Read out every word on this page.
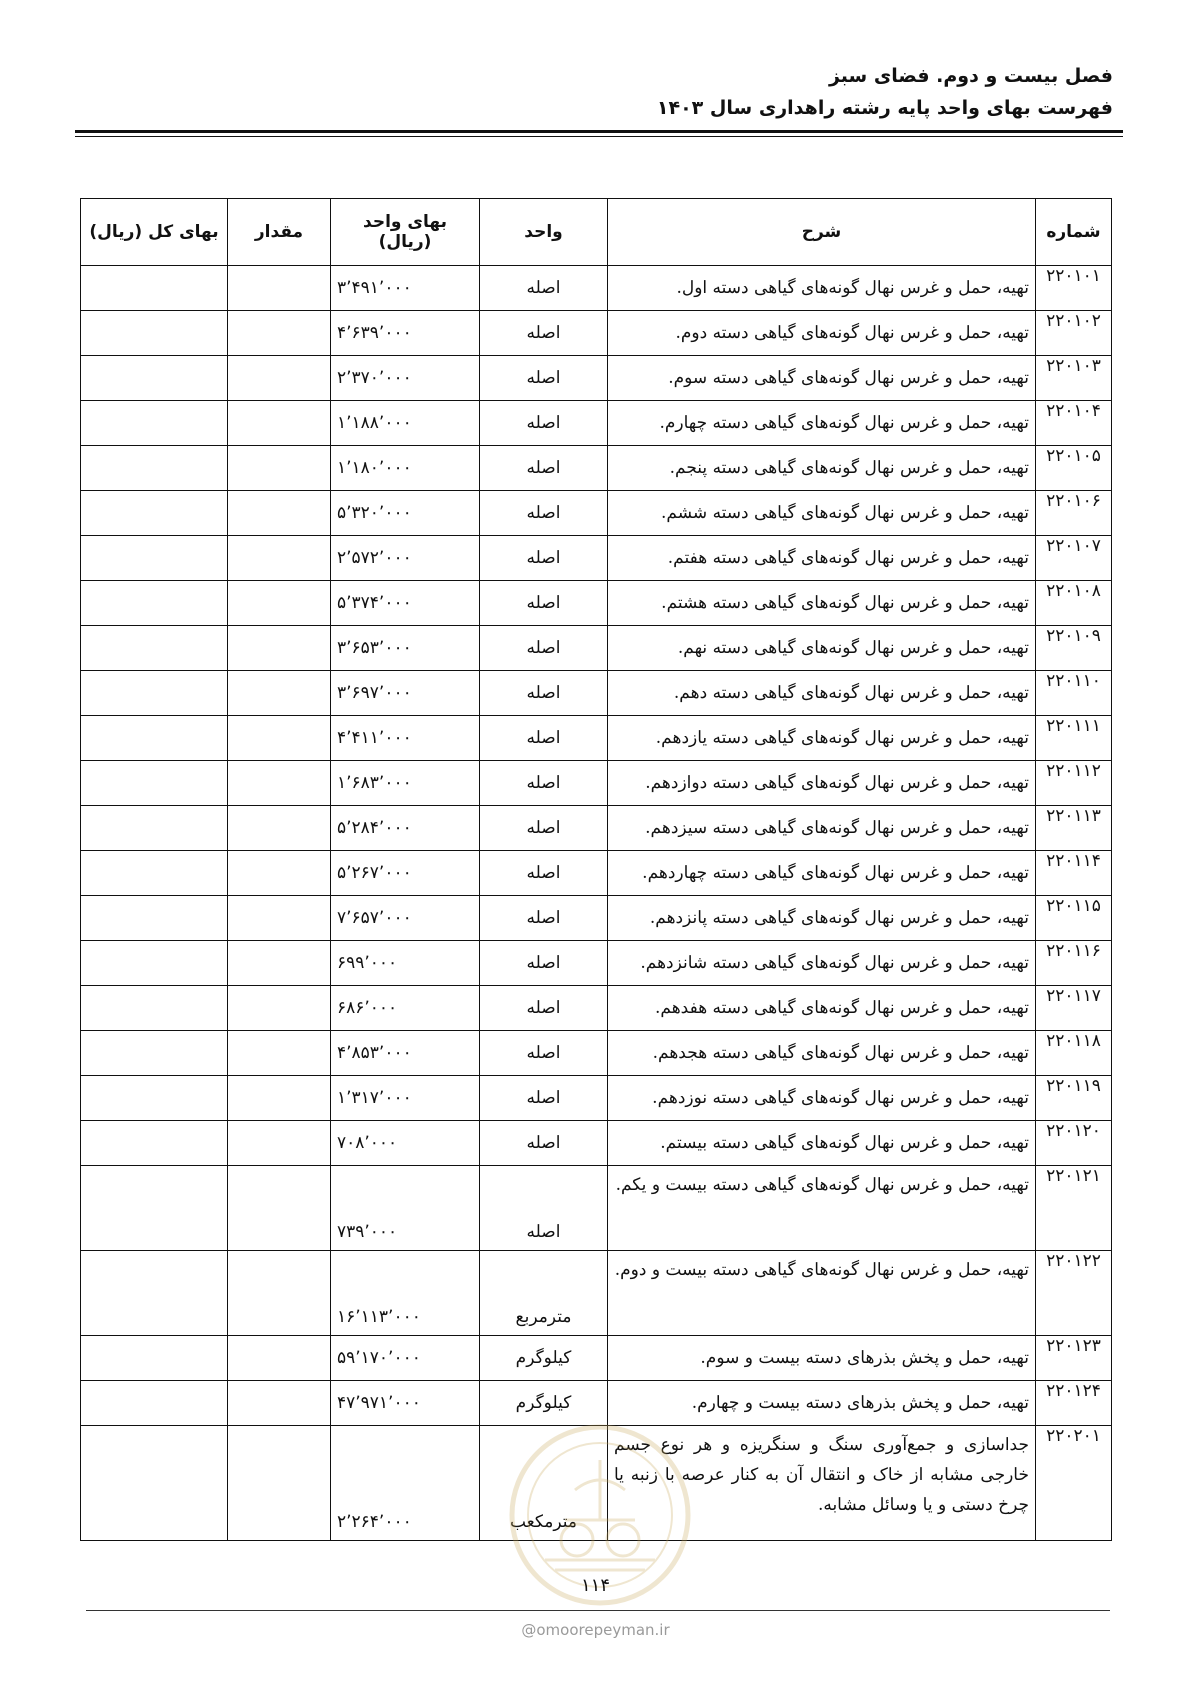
فصل بیست و دوم. فضای سبز
فهرست بهای واحد پایه رشته راهداری سال ۱۴۰۳
شماره	شرح	واحد	بهای واحد (ریال)	مقدار	بهای کل (ریال)
۲۲۰۱۰۱	تهیه، حمل و غرس نهال گونه‌های گیاهی دسته اول.	اصله	۳٬۴۹۱٬۰۰۰		
۲۲۰۱۰۲	تهیه، حمل و غرس نهال گونه‌های گیاهی دسته دوم.	اصله	۴٬۶۳۹٬۰۰۰		
۲۲۰۱۰۳	تهیه، حمل و غرس نهال گونه‌های گیاهی دسته سوم.	اصله	۲٬۳۷۰٬۰۰۰		
۲۲۰۱۰۴	تهیه، حمل و غرس نهال گونه‌های گیاهی دسته چهارم.	اصله	۱٬۱۸۸٬۰۰۰		
۲۲۰۱۰۵	تهیه، حمل و غرس نهال گونه‌های گیاهی دسته پنجم.	اصله	۱٬۱۸۰٬۰۰۰		
۲۲۰۱۰۶	تهیه، حمل و غرس نهال گونه‌های گیاهی دسته ششم.	اصله	۵٬۳۲۰٬۰۰۰		
۲۲۰۱۰۷	تهیه، حمل و غرس نهال گونه‌های گیاهی دسته هفتم.	اصله	۲٬۵۷۲٬۰۰۰		
۲۲۰۱۰۸	تهیه، حمل و غرس نهال گونه‌های گیاهی دسته هشتم.	اصله	۵٬۳۷۴٬۰۰۰		
۲۲۰۱۰۹	تهیه، حمل و غرس نهال گونه‌های گیاهی دسته نهم.	اصله	۳٬۶۵۳٬۰۰۰		
۲۲۰۱۱۰	تهیه، حمل و غرس نهال گونه‌های گیاهی دسته دهم.	اصله	۳٬۶۹۷٬۰۰۰		
۲۲۰۱۱۱	تهیه، حمل و غرس نهال گونه‌های گیاهی دسته یازدهم.	اصله	۴٬۴۱۱٬۰۰۰		
۲۲۰۱۱۲	تهیه، حمل و غرس نهال گونه‌های گیاهی دسته دوازدهم.	اصله	۱٬۶۸۳٬۰۰۰		
۲۲۰۱۱۳	تهیه، حمل و غرس نهال گونه‌های گیاهی دسته سیزدهم.	اصله	۵٬۲۸۴٬۰۰۰		
۲۲۰۱۱۴	تهیه، حمل و غرس نهال گونه‌های گیاهی دسته چهاردهم.	اصله	۵٬۲۶۷٬۰۰۰		
۲۲۰۱۱۵	تهیه، حمل و غرس نهال گونه‌های گیاهی دسته پانزدهم.	اصله	۷٬۶۵۷٬۰۰۰		
۲۲۰۱۱۶	تهیه، حمل و غرس نهال گونه‌های گیاهی دسته شانزدهم.	اصله	۶۹۹٬۰۰۰		
۲۲۰۱۱۷	تهیه، حمل و غرس نهال گونه‌های گیاهی دسته هفدهم.	اصله	۶۸۶٬۰۰۰		
۲۲۰۱۱۸	تهیه، حمل و غرس نهال گونه‌های گیاهی دسته هجدهم.	اصله	۴٬۸۵۳٬۰۰۰		
۲۲۰۱۱۹	تهیه، حمل و غرس نهال گونه‌های گیاهی دسته نوزدهم.	اصله	۱٬۳۱۷٬۰۰۰		
۲۲۰۱۲۰	تهیه، حمل و غرس نهال گونه‌های گیاهی دسته بیستم.	اصله	۷۰۸٬۰۰۰		
۲۲۰۱۲۱	تهیه، حمل و غرس نهال گونه‌های گیاهی دسته بیست و یکم.	اصله	۷۳۹٬۰۰۰		
۲۲۰۱۲۲	تهیه، حمل و غرس نهال گونه‌های گیاهی دسته بیست و دوم.	مترمربع	۱۶٬۱۱۳٬۰۰۰		
۲۲۰۱۲۳	تهیه، حمل و پخش بذرهای دسته بیست و سوم.	کیلوگرم	۵۹٬۱۷۰٬۰۰۰		
۲۲۰۱۲۴	تهیه، حمل و پخش بذرهای دسته بیست و چهارم.	کیلوگرم	۴۷٬۹۷۱٬۰۰۰		
۲۲۰۲۰۱	جداسازی و جمع‌آوری سنگ و سنگریزه و هر نوع جسم خارجی مشابه از خاک و انتقال آن به کنار عرصه با زنبه یا چرخ دستی و یا وسائل مشابه.	مترمکعب	۲٬۲۶۴٬۰۰۰		
۱۱۴
@omoorepeyman.ir
